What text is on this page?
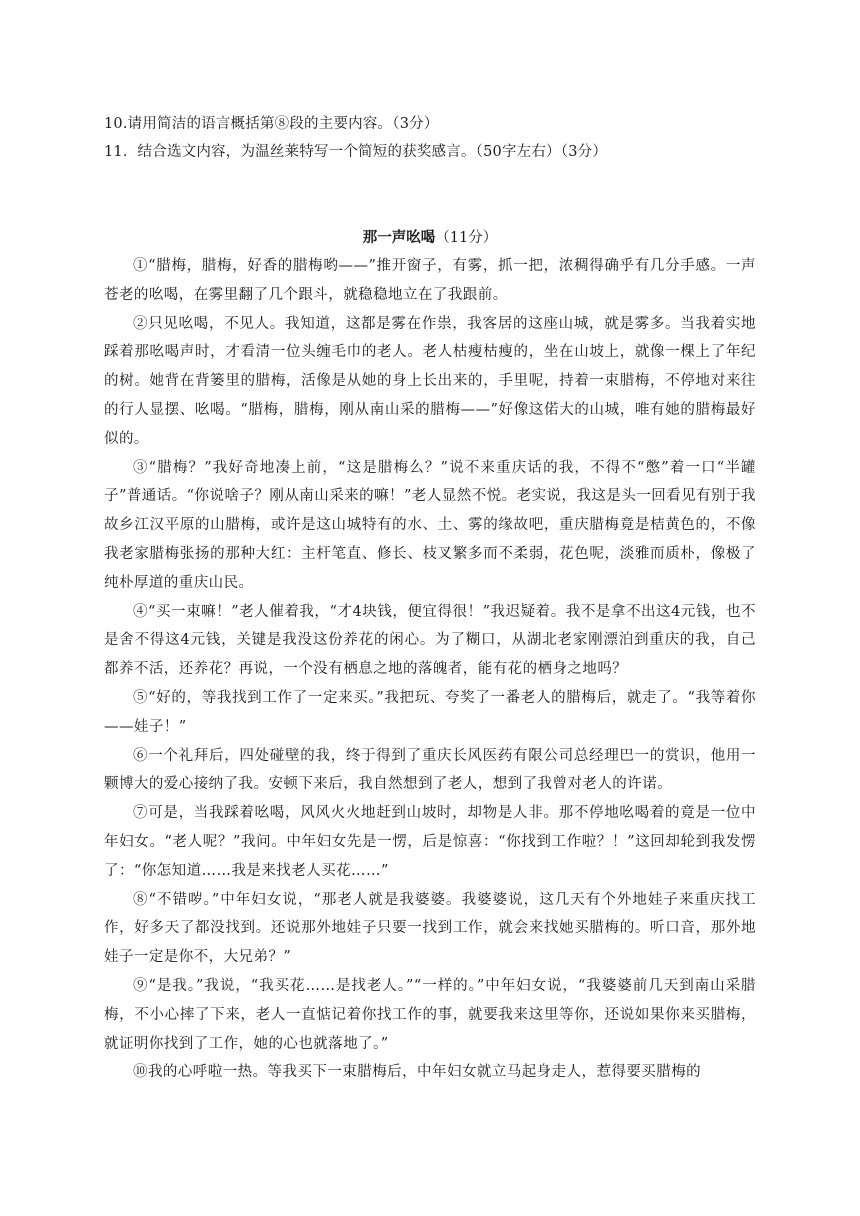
10.请用简洁的语言概括第⑧段的主要内容。（3分）
11．结合选文内容，为温丝莱特写一个简短的获奖感言。（50字左右）（3分）
那一声吆喝（11分）

①“腊梅，腊梅，好香的腊梅哟——”推开窗子，有雾，抓一把，浓稠得确乎有几分手感。一声苍老的吆喝，在雾里翻了几个跟斗，就稳稳地立在了我跟前。

②只见吆喝，不见人。我知道，这都是雾在作祟，我客居的这座山城，就是雾多。当我着实地踩着那吆喝声时，才看清一位头缠毛巾的老人。老人枯瘦枯瘦的，坐在山坡上，就像一棵上了年纪的树。她背在背篓里的腊梅，活像是从她的身上长出来的，手里呢，持着一束腊梅，不停地对来往的行人显摆、吆喝。“腊梅，腊梅，刚从南山采的腊梅——”好像这偌大的山城，唯有她的腊梅最好似的。

③“腊梅？”我好奇地凑上前，“这是腊梅么？”说不来重庆话的我，不得不“憋”着一口“半罐子”普通话。“你说啥子？刚从南山采来的嘛！”老人显然不悦。老实说，我这是头一回看见有别于我故乡江汉平原的山腊梅，或许是这山城特有的水、土、雾的缘故吧，重庆腊梅竟是桔黄色的，不像我老家腊梅张扬的那种大红：主杆笔直、修长、枝叉繁多而不柔弱，花色呢，淡雅而质朴，像极了纯朴厚道的重庆山民。

④“买一束嘛！”老人催着我，“才4块钱，便宜得很！”我迟疑着。我不是拿不出这4元钱，也不是舍不得这4元钱，关键是我没这份养花的闲心。为了糊口，从湖北老家刚漂泊到重庆的我，自己都养不活，还养花？再说，一个没有栖息之地的落魄者，能有花的栖身之地吗？

⑤“好的，等我找到工作了一定来买。”我把玩、夸奖了一番老人的腊梅后，就走了。“我等着你——娃子！”

⑥一个礼拜后，四处碰壁的我，终于得到了重庆长风医药有限公司总经理巴一的赏识，他用一颗博大的爱心接纳了我。安顿下来后，我自然想到了老人，想到了我曾对老人的许诺。

⑦可是，当我踩着吆喝，风风火火地赶到山坡时，却物是人非。那不停地吆喝着的竟是一位中年妇女。“老人呢？”我问。中年妇女先是一愣，后是惊喜：“你找到工作啦？！”这回却轮到我发愣了：“你怎知道……我是来找老人买花……”

⑧“不错哕。”中年妇女说，“那老人就是我婆婆。我婆婆说，这几天有个外地娃子来重庆找工作，好多天了都没找到。还说那外地娃子只要一找到工作，就会来找她买腊梅的。听口音，那外地娃子一定是你不，大兄弟？”

⑨“是我。”我说，“我买花……是找老人。”“一样的。”中年妇女说，“我婆婆前几天到南山采腊梅，不小心摔了下来，老人一直惦记着你找工作的事，就要我来这里等你，还说如果你来买腊梅，就证明你找到了工作，她的心也就落地了。”

⑩我的心呼啦一热。等我买下一束腊梅后，中年妇女就立马起身走人，惹得要买腊梅的
